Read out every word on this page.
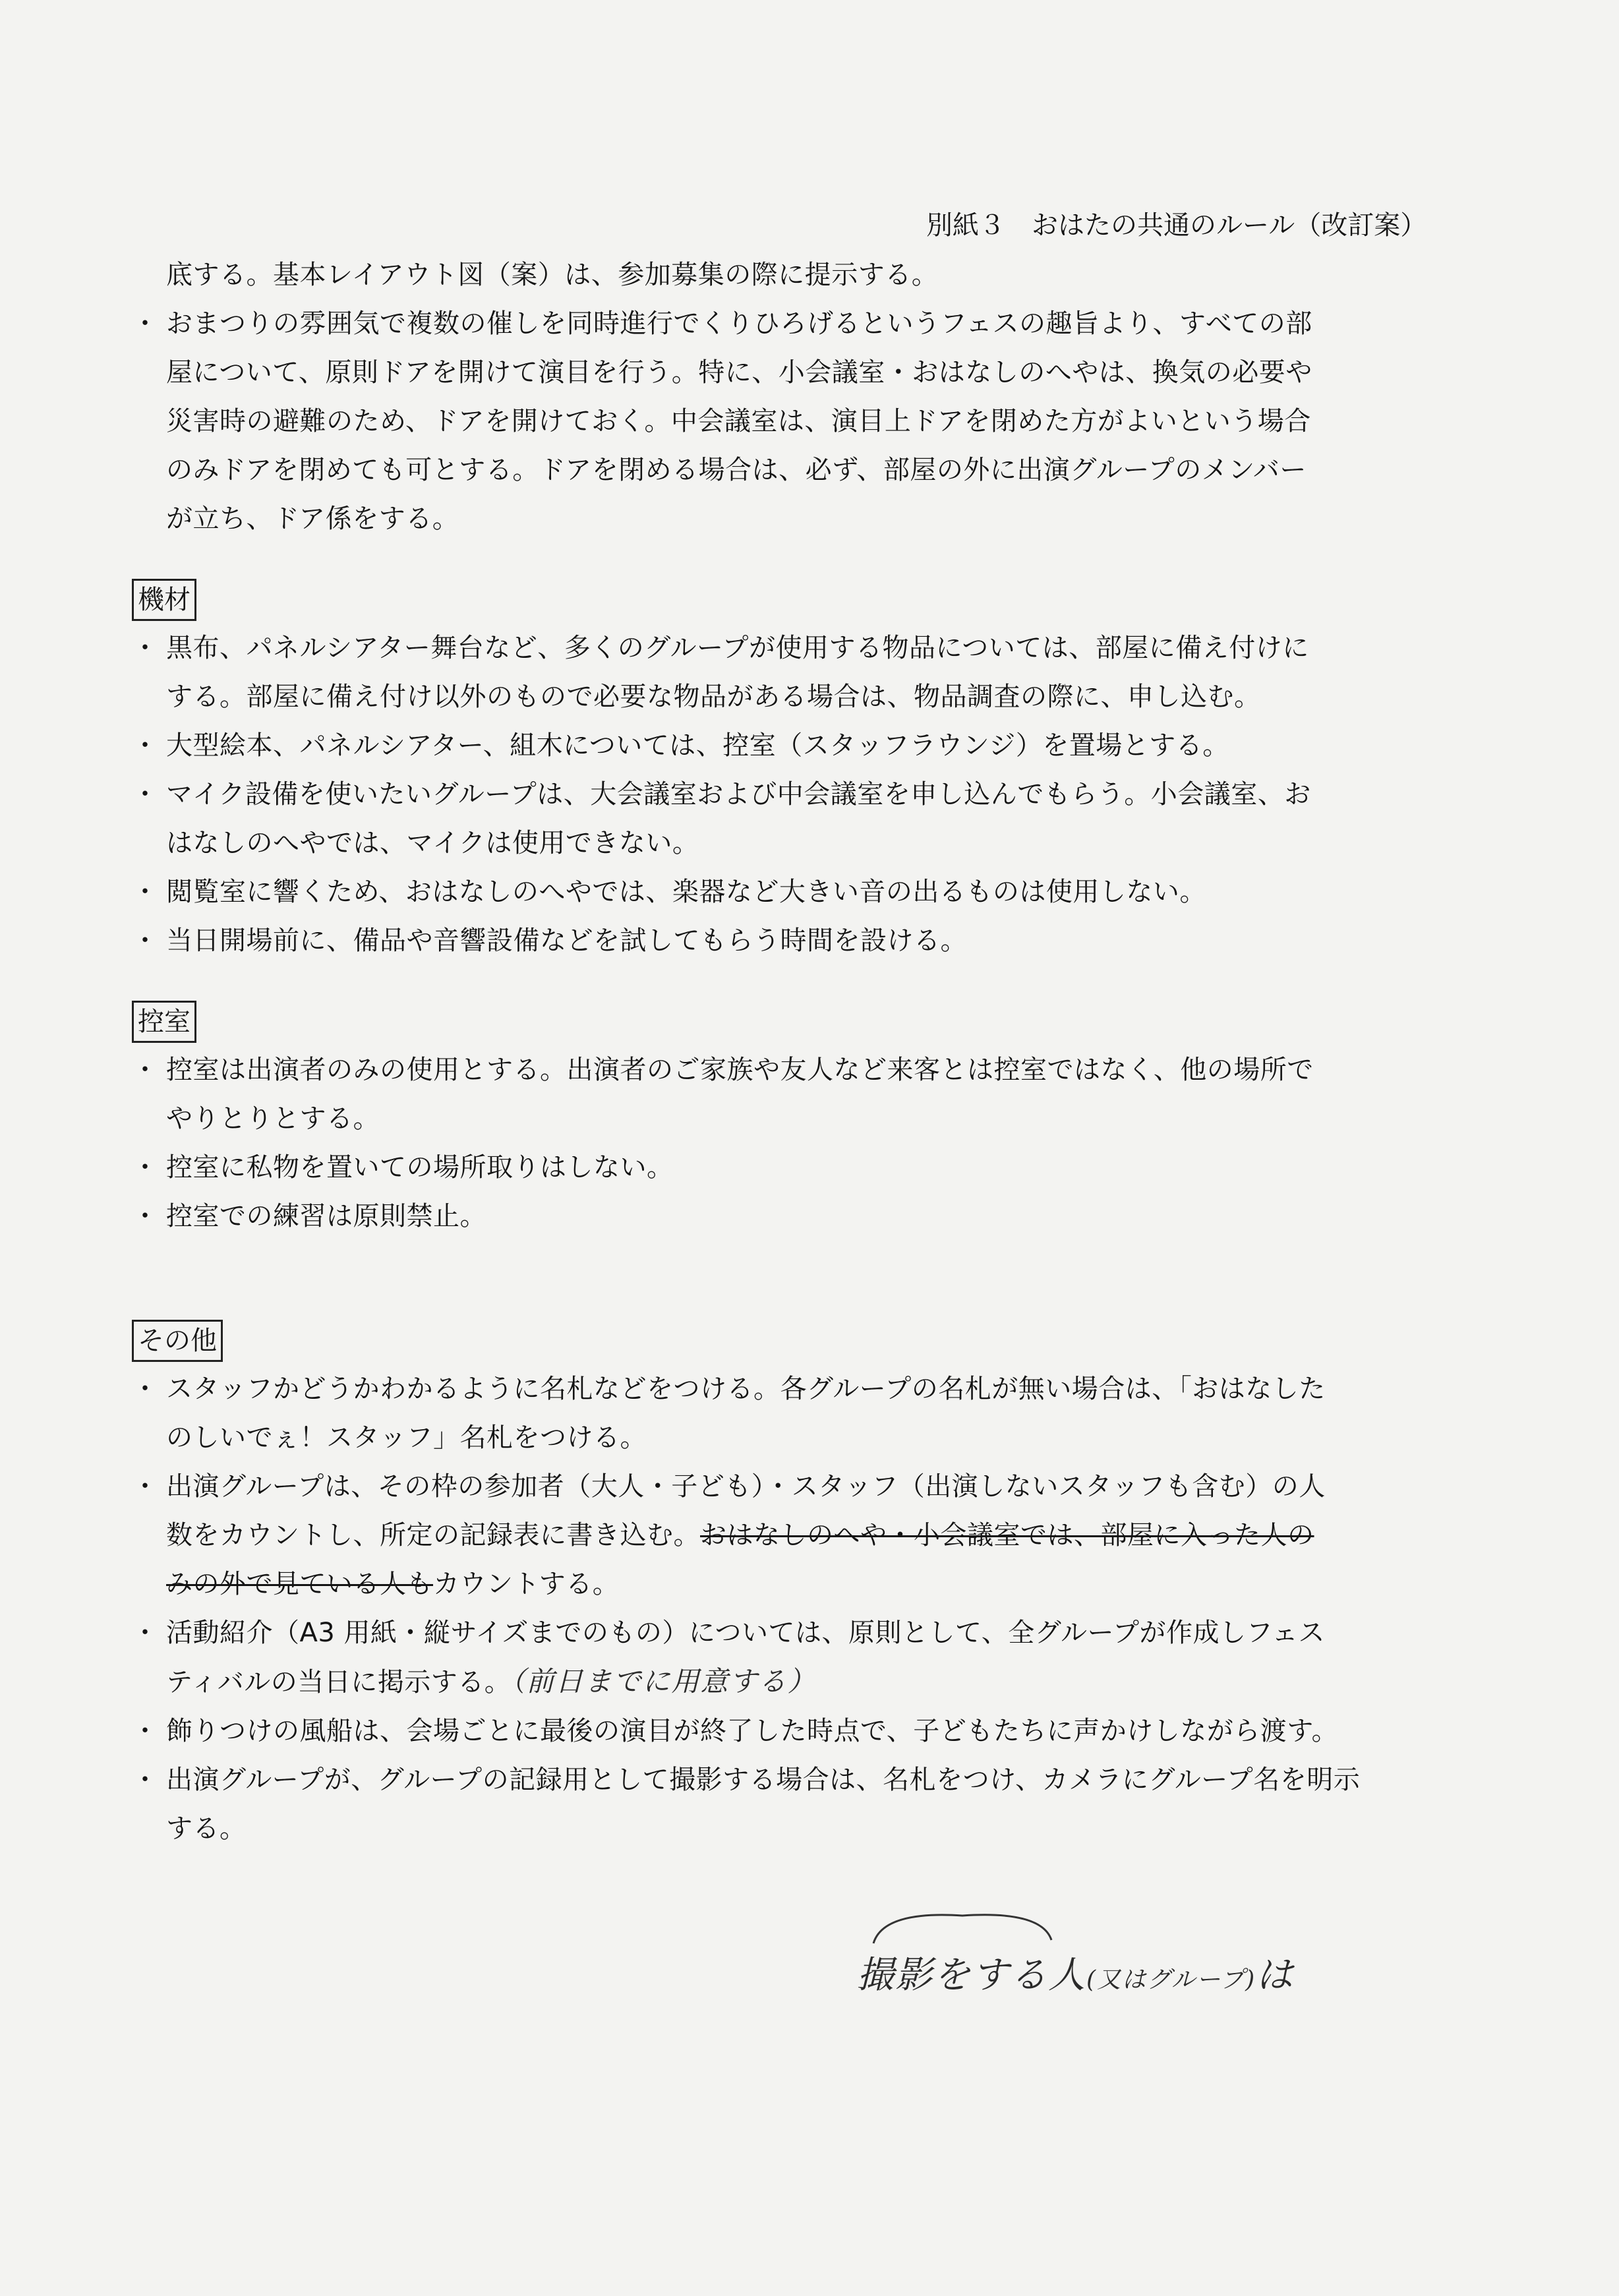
別紙３　おはたの共通のルール（改訂案）

底する。基本レイアウト図（案）は、参加募集の際に提示する。

・ おまつりの雰囲気で複数の催しを同時進行でくりひろげるというフェスの趣旨より、すべての部
屋について、原則ドアを開けて演目を行う。特に、小会議室・おはなしのへやは、換気の必要や
災害時の避難のため、ドアを開けておく。中会議室は、演目上ドアを閉めた方がよいという場合
のみドアを閉めても可とする。ドアを閉める場合は、必ず、部屋の外に出演グループのメンバー
が立ち、ドア係をする。

機材

・ 黒布、パネルシアター舞台など、多くのグループが使用する物品については、部屋に備え付けに
する。部屋に備え付け以外のもので必要な物品がある場合は、物品調査の際に、申し込む。

・ 大型絵本、パネルシアター、組木については、控室（スタッフラウンジ）を置場とする。

・ マイク設備を使いたいグループは、大会議室および中会議室を申し込んでもらう。小会議室、お
はなしのへやでは、マイクは使用できない。

・ 閲覧室に響くため、おはなしのへやでは、楽器など大きい音の出るものは使用しない。

・ 当日開場前に、備品や音響設備などを試してもらう時間を設ける。

控室

・ 控室は出演者のみの使用とする。出演者のご家族や友人など来客とは控室ではなく、他の場所で
やりとりとする。

・ 控室に私物を置いての場所取りはしない。

・ 控室での練習は原則禁止。

その他

・ スタッフかどうかわかるように名札などをつける。各グループの名札が無い場合は、「おはなした
のしいでぇ！スタッフ」名札をつける。

・ 出演グループは、その枠の参加者（大人・子ども）・スタッフ（出演しないスタッフも含む）の人
数をカウントし、所定の記録表に書き込む。おはなしのへや・小会議室では、部屋に入った人の
みの外で見ている人もカウントする。

・ 活動紹介（A3 用紙・縦サイズまでのもの）については、原則として、全グループが作成しフェス
ティバルの当日に掲示する。（前日までに用意する）

・ 飾りつけの風船は、会場ごとに最後の演目が終了した時点で、子どもたちに声かけしながら渡す。

・ 出演グループが、グループの記録用として撮影する場合は、名札をつけ、カメラにグループ名を明示
する。

撮影をする人(又はグループ)は
